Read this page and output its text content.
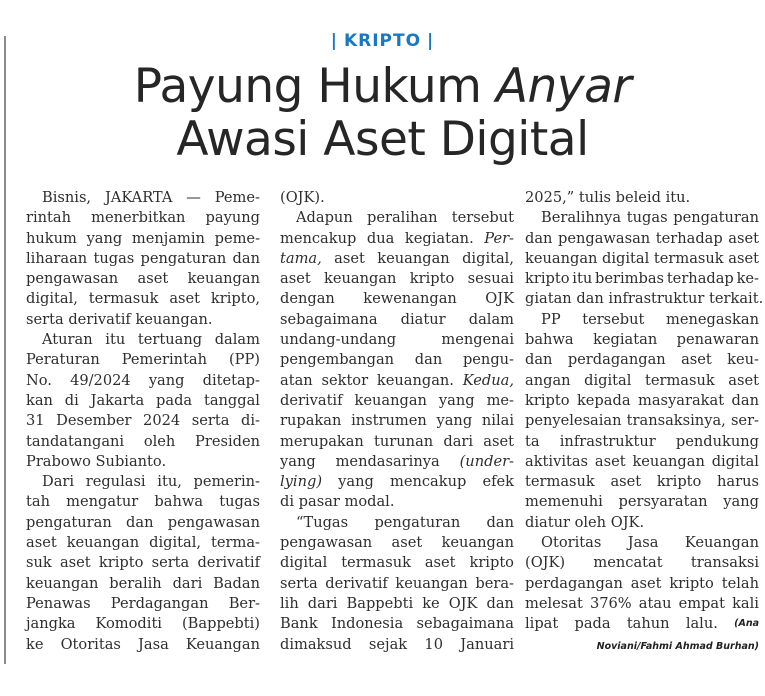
| KRIPTO |
Payung Hukum Anyar
Awasi Aset Digital
Bisnis, JAKARTA — Peme-
rintah menerbitkan payung
hukum yang menjamin peme-
liharaan tugas pengaturan dan
pengawasan aset keuangan
digital, termasuk aset kripto,
serta derivatif keuangan.
Aturan itu tertuang dalam
Peraturan Pemerintah (PP)
No. 49/2024 yang ditetap-
kan di Jakarta pada tanggal
31 Desember 2024 serta di-
tandatangani oleh Presiden
Prabowo Subianto.
Dari regulasi itu, pemerin-
tah mengatur bahwa tugas
pengaturan dan pengawasan
aset keuangan digital, terma-
suk aset kripto serta derivatif
keuangan beralih dari Badan
Penawas Perdagangan Ber-
jangka Komoditi (Bappebti)
ke Otoritas Jasa Keuangan
(OJK).
Adapun peralihan tersebut
mencakup dua kegiatan. Per-
tama, aset keuangan digital,
aset keuangan kripto sesuai
dengan kewenangan OJK
sebagaimana diatur dalam
undang-undang	mengenai
pengembangan dan pengu-
atan sektor keuangan. Kedua,
derivatif keuangan yang me-
rupakan instrumen yang nilai
merupakan turunan dari aset
yang mendasarinya (under-
lying) yang mencakup efek
di pasar modal.
“Tugas pengaturan dan
pengawasan aset keuangan
digital termasuk aset kripto
serta derivatif keuangan bera-
lih dari Bappebti ke OJK dan
Bank Indonesia sebagaimana
dimaksud sejak 10 Januari
2025,” tulis beleid itu.
Beralihnya tugas pengaturan
dan pengawasan terhadap aset
keuangan digital termasuk aset
kripto itu berimbas terhadap ke-
giatan dan infrastruktur terkait.
PP tersebut menegaskan
bahwa kegiatan penawaran
dan perdagangan aset keu-
angan digital termasuk aset
kripto kepada masyarakat dan
penyelesaian transaksinya, ser-
ta infrastruktur pendukung
aktivitas aset keuangan digital
termasuk aset kripto harus
memenuhi persyaratan yang
diatur oleh OJK.
Otoritas Jasa Keuangan
(OJK) mencatat transaksi
perdagangan aset kripto telah
melesat 376% atau empat kali
lipat pada tahun lalu. (Ana
Noviani/Fahmi Ahmad Burhan)
